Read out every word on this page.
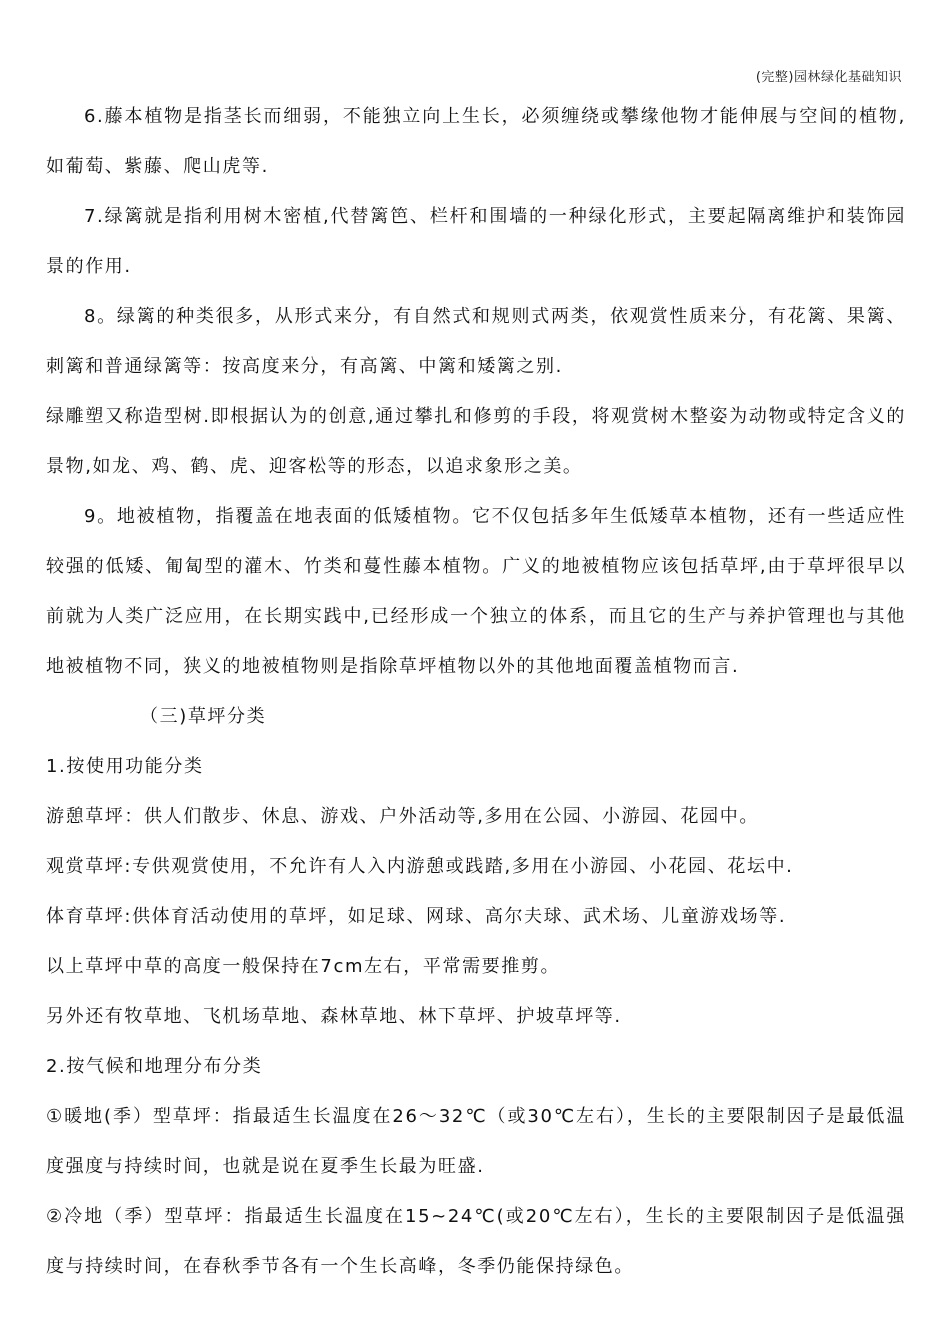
(完整)园林绿化基础知识

6.藤本植物是指茎长而细弱，不能独立向上生长，必须缠绕或攀缘他物才能伸展与空间的植物,如葡萄、紫藤、爬山虎等.

7.绿篱就是指利用树木密植,代替篱笆、栏杆和围墙的一种绿化形式，主要起隔离维护和装饰园景的作用.

8。绿篱的种类很多，从形式来分，有自然式和规则式两类，依观赏性质来分，有花篱、果篱、刺篱和普通绿篱等：按高度来分，有高篱、中篱和矮篱之别.

绿雕塑又称造型树.即根据认为的创意,通过攀扎和修剪的手段，将观赏树木整姿为动物或特定含义的景物,如龙、鸡、鹤、虎、迎客松等的形态，以追求象形之美。

9。地被植物，指覆盖在地表面的低矮植物。它不仅包括多年生低矮草本植物，还有一些适应性较强的低矮、匍匐型的灌木、竹类和蔓性藤本植物。广义的地被植物应该包括草坪,由于草坪很早以前就为人类广泛应用，在长期实践中,已经形成一个独立的体系，而且它的生产与养护管理也与其他地被植物不同，狭义的地被植物则是指除草坪植物以外的其他地面覆盖植物而言.

（三)草坪分类

1.按使用功能分类

游憩草坪：供人们散步、休息、游戏、户外活动等,多用在公园、小游园、花园中。

观赏草坪:专供观赏使用，不允许有人入内游憩或践踏,多用在小游园、小花园、花坛中.

体育草坪:供体育活动使用的草坪，如足球、网球、高尔夫球、武术场、儿童游戏场等.

以上草坪中草的高度一般保持在7cm左右，平常需要推剪。

另外还有牧草地、飞机场草地、森林草地、林下草坪、护坡草坪等.

2.按气候和地理分布分类

①暖地(季）型草坪：指最适生长温度在26～32℃（或30℃左右），生长的主要限制因子是最低温度强度与持续时间，也就是说在夏季生长最为旺盛.

②冷地（季）型草坪：指最适生长温度在15~24℃(或20℃左右），生长的主要限制因子是低温强度与持续时间，在春秋季节各有一个生长高峰，冬季仍能保持绿色。
